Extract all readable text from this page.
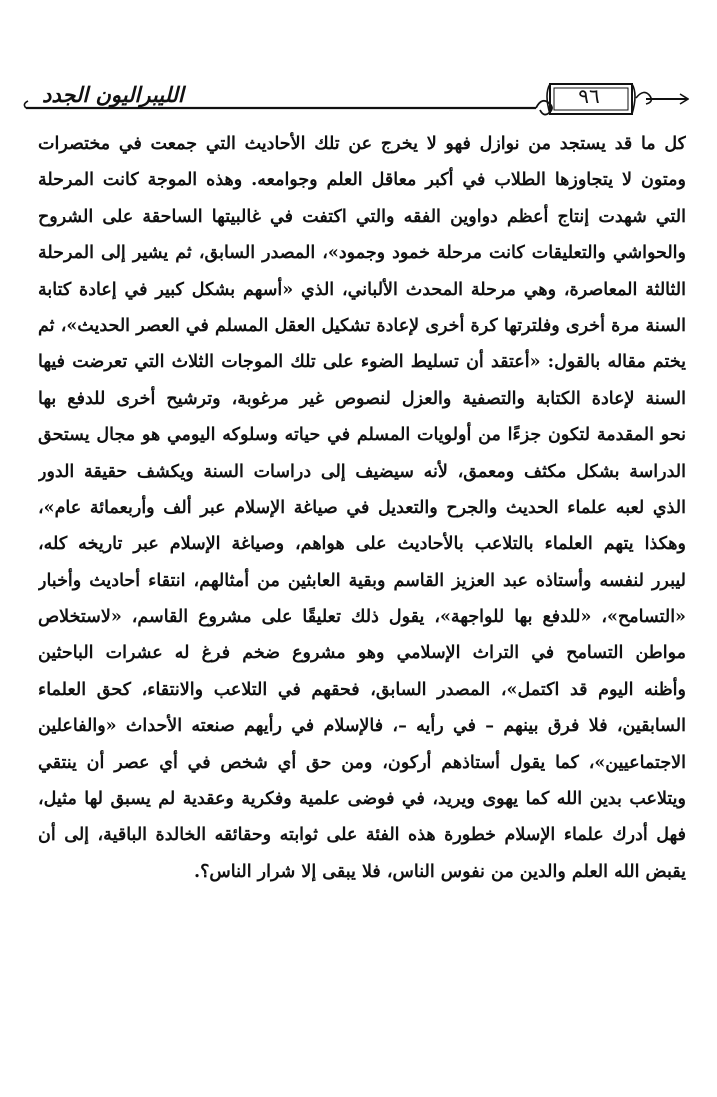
الليبراليون الجدد	٩٦
كل ما قد يستجد من نوازل فهو لا يخرج عن تلك الأحاديث التي جمعت في مختصرات
ومتون لا يتجاوزها الطلاب في أكبر معاقل العلم وجوامعه. وهذه الموجة كانت المرحلة
التي شهدت إنتاج أعظم دواوين الفقه والتي اكتفت في غالبيتها الساحقة على الشروح
والحواشي والتعليقات كانت مرحلة خمود وجمود»، المصدر السابق، ثم يشير إلى المرحلة
الثالثة المعاصرة، وهي مرحلة المحدث الألباني، الذي «أسهم بشكل كبير في إعادة كتابة
السنة مرة أخرى وفلترتها كرة أخرى لإعادة تشكيل العقل المسلم في العصر الحديث»، ثم
يختم مقاله بالقول: «أعتقد أن تسليط الضوء على تلك الموجات الثلاث التي تعرضت فيها
السنة لإعادة الكتابة والتصفية والعزل لنصوص غير مرغوبة، وترشيح أخرى للدفع بها
نحو المقدمة لتكون جزءًا من أولويات المسلم في حياته وسلوكه اليومي هو مجال يستحق
الدراسة بشكل مكثف ومعمق، لأنه سيضيف إلى دراسات السنة ويكشف حقيقة الدور
الذي لعبه علماء الحديث والجرح والتعديل في صياغة الإسلام عبر ألف وأربعمائة عام»،
وهكذا يتهم العلماء بالتلاعب بالأحاديث على هواهم، وصياغة الإسلام عبر تاريخه كله،
ليبرر لنفسه وأستاذه عبد العزيز القاسم وبقية العابثين من أمثالهم، انتقاء أحاديث وأخبار
«التسامح»، «للدفع بها للواجهة»، يقول ذلك تعليقًا على مشروع القاسم، «لاستخلاص
مواطن التسامح في التراث الإسلامي وهو مشروع ضخم فرغ له عشرات الباحثين
وأظنه اليوم قد اكتمل»، المصدر السابق، فحقهم في التلاعب والانتقاء، كحق العلماء
السابقين، فلا فرق بينهم – في رأيه –، فالإسلام في رأيهم صنعته الأحداث «والفاعلين
الاجتماعيين»، كما يقول أستاذهم أركون، ومن حق أي شخص في أي عصر أن ينتقي
ويتلاعب بدين الله كما يهوى ويريد، في فوضى علمية وفكرية وعقدية لم يسبق لها مثيل،
فهل أدرك علماء الإسلام خطورة هذه الفئة على ثوابته وحقائقه الخالدة الباقية، إلى أن
يقبض الله العلم والدين من نفوس الناس، فلا يبقى إلا شرار الناس؟.
